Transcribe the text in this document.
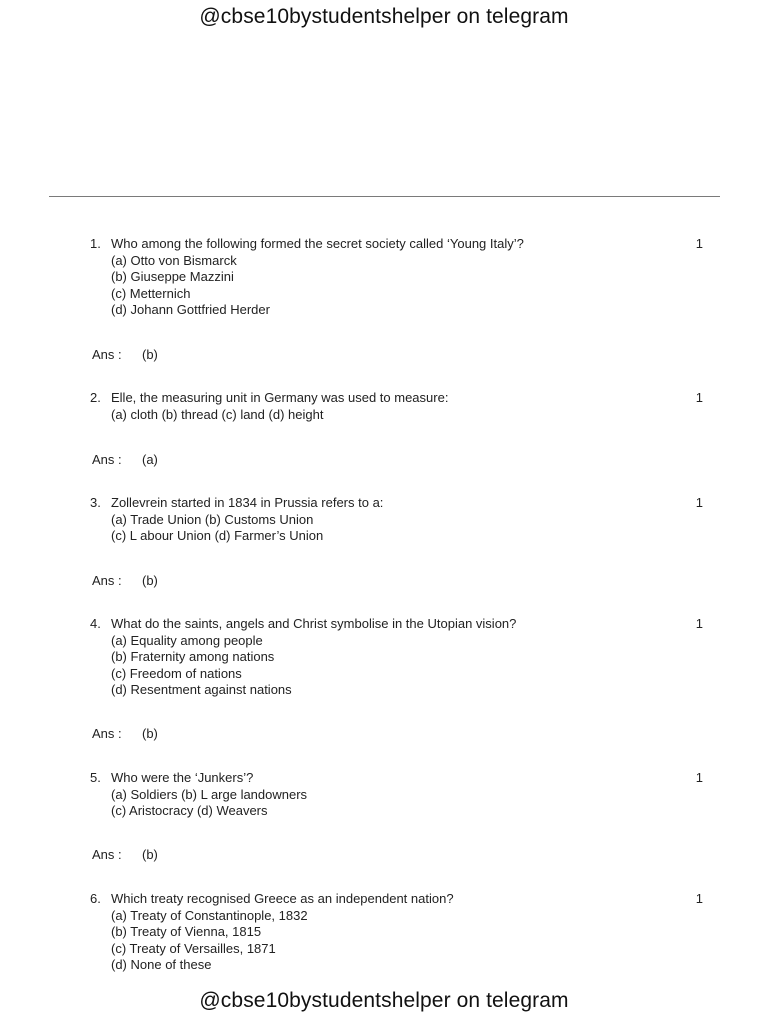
@cbse10bystudentshelper on telegram
1. Who among the following formed the secret society called ‘Young Italy’?	1
(a) Otto von Bismarck
(b) Giuseppe Mazzini
(c) Metternich
(d) Johann Gottfried Herder
Ans : (b)
2. Elle, the measuring unit in Germany was used to measure:	1
(a) cloth (b) thread (c) land (d) height
Ans : (a)
3. Zollevrein started in 1834 in Prussia refers to a:	1
(a) Trade Union (b) Customs Union
(c) L abour Union (d) Farmer’s Union
Ans : (b)
4. What do the saints, angels and Christ symbolise in the Utopian vision?	1
(a) Equality among people
(b) Fraternity among nations
(c) Freedom of nations
(d) Resentment against nations
Ans : (b)
5. Who were the ‘Junkers’?	1
(a) Soldiers (b) L arge landowners
(c) Aristocracy (d) Weavers
Ans : (b)
6. Which treaty recognised Greece as an independent nation?	1
(a) Treaty of Constantinople, 1832
(b) Treaty of Vienna, 1815
(c) Treaty of Versailles, 1871
(d) None of these
@cbse10bystudentshelper on telegram
